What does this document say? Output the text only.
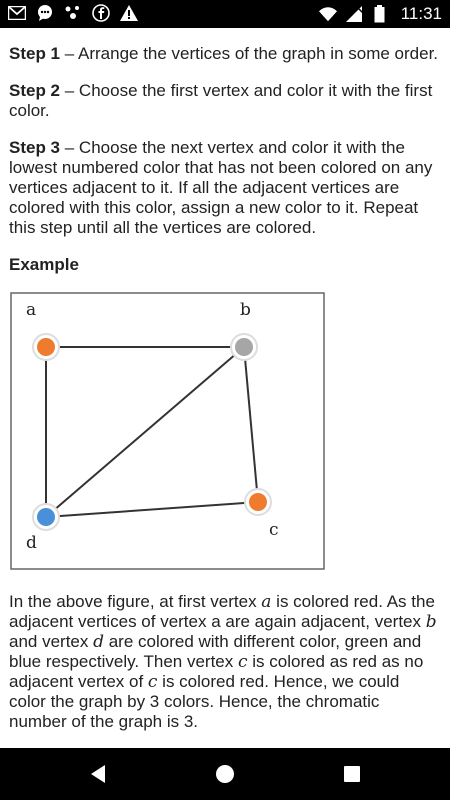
11:31

Step 1 – Arrange the vertices of the graph in some order.

Step 2 – Choose the first vertex and color it with the first color.

Step 3 – Choose the next vertex and color it with the lowest numbered color that has not been colored on any vertices adjacent to it. If all the adjacent vertices are colored with this color, assign a new color to it. Repeat this step until all the vertices are colored.

Example

a	b
c
d

In the above figure, at first vertex a is colored red. As the adjacent vertices of vertex a are again adjacent, vertex b and vertex d are colored with different color, green and blue respectively. Then vertex c is colored as red as no adjacent vertex of c is colored red. Hence, we could color the graph by 3 colors. Hence, the chromatic number of the graph is 3.
